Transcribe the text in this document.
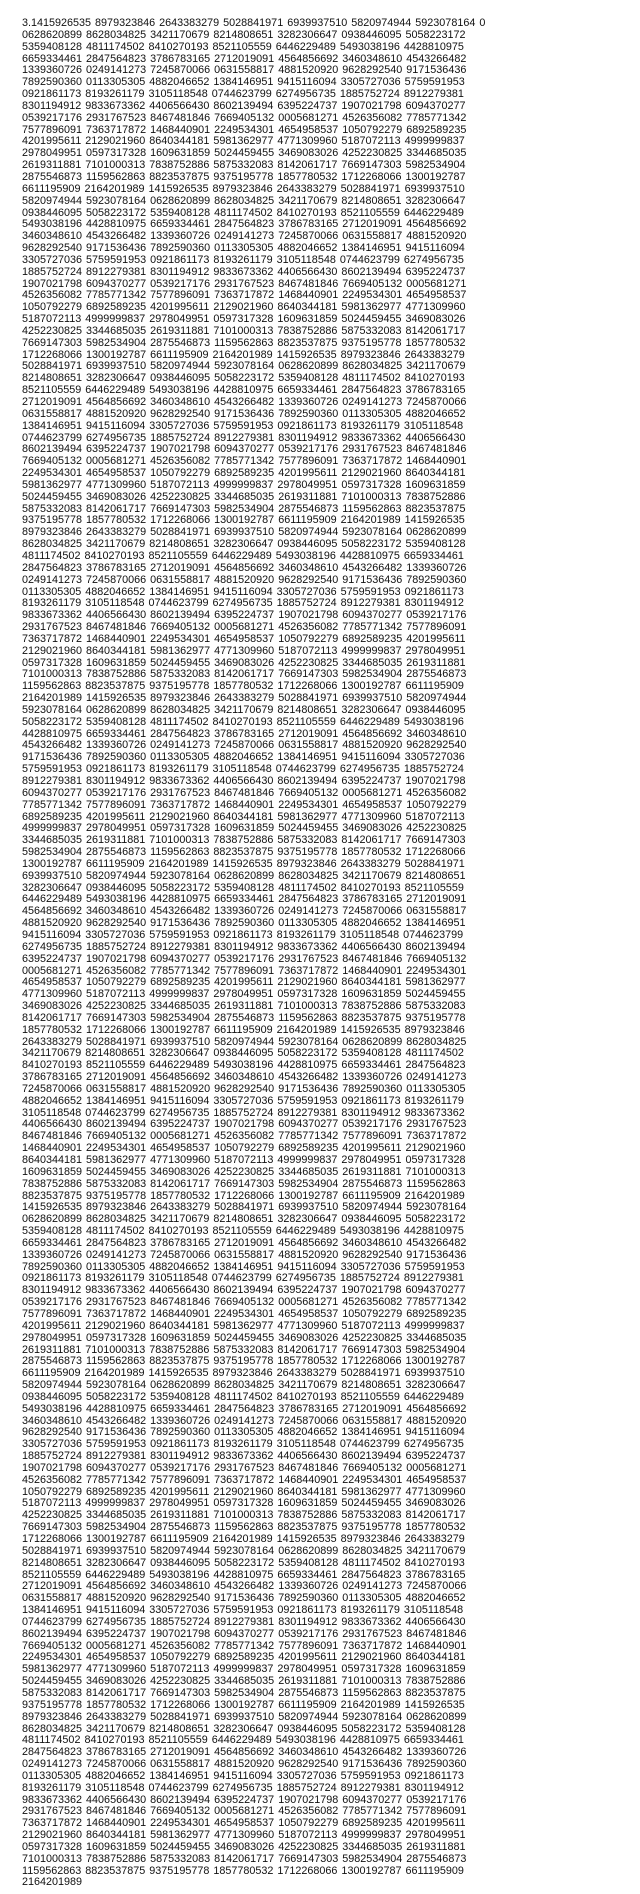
3.1415926535 8979323846 2643383279 5028841971 6939937510 5820974944 5923078164 0
0628620899 8628034825 3421170679 8214808651 3282306647 0938446095 5058223172
5359408128 4811174502 8410270193 8521105559 6446229489 5493038196 4428810975
6659334461 2847564823 3786783165 2712019091 4564856692 3460348610 4543266482
1339360726 0249141273 7245870066 0631558817 4881520920 9628292540 9171536436
7892590360 0113305305 4882046652 1384146951 9415116094 3305727036 5759591953
0921861173 8193261179 3105118548 0744623799 6274956735 1885752724 8912279381
8301194912 9833673362 4406566430 8602139494 6395224737 1907021798 6094370277
0539217176 2931767523 8467481846 7669405132 0005681271 4526356082 7785771342
7577896091 7363717872 1468440901 2249534301 4654958537 1050792279 6892589235
4201995611 2129021960 8640344181 5981362977 4771309960 5187072113 4999999837
2978049951 0597317328 1609631859 5024459455 3469083026 4252230825 3344685035
2619311881 7101000313 7838752886 5875332083 8142061717 7669147303 5982534904
2875546873 1159562863 8823537875 9375195778 1857780532 1712268066 1300192787
6611195909 2164201989 1415926535 8979323846 2643383279 5028841971 6939937510
5820974944 5923078164 0628620899 8628034825 3421170679 8214808651 3282306647
0938446095 5058223172 5359408128 4811174502 8410270193 8521105559 6446229489
5493038196 4428810975 6659334461 2847564823 3786783165 2712019091 4564856692
3460348610 4543266482 1339360726 0249141273 7245870066 0631558817 4881520920
9628292540 9171536436 7892590360 0113305305 4882046652 1384146951 9415116094
3305727036 5759591953 0921861173 8193261179 3105118548 0744623799 6274956735
1885752724 8912279381 8301194912 9833673362 4406566430 8602139494 6395224737
1907021798 6094370277 0539217176 2931767523 8467481846 7669405132 0005681271
4526356082 7785771342 7577896091 7363717872 1468440901 2249534301 4654958537
1050792279 6892589235 4201995611 2129021960 8640344181 5981362977 4771309960
5187072113 4999999837 2978049951 0597317328 1609631859 5024459455 3469083026
4252230825 3344685035 2619311881 7101000313 7838752886 5875332083 8142061717
7669147303 5982534904 2875546873 1159562863 8823537875 9375195778 1857780532
1712268066 1300192787 6611195909 2164201989 1415926535 8979323846 2643383279
5028841971 6939937510 5820974944 5923078164 0628620899 8628034825 3421170679
8214808651 3282306647 0938446095 5058223172 5359408128 4811174502 8410270193
8521105559 6446229489 5493038196 4428810975 6659334461 2847564823 3786783165
2712019091 4564856692 3460348610 4543266482 1339360726 0249141273 7245870066
0631558817 4881520920 9628292540 9171536436 7892590360 0113305305 4882046652
1384146951 9415116094 3305727036 5759591953 0921861173 8193261179 3105118548
0744623799 6274956735 1885752724 8912279381 8301194912 9833673362 4406566430
8602139494 6395224737 1907021798 6094370277 0539217176 2931767523 8467481846
7669405132 0005681271 4526356082 7785771342 7577896091 7363717872 1468440901
2249534301 4654958537 1050792279 6892589235 4201995611 2129021960 8640344181
5981362977 4771309960 5187072113 4999999837 2978049951 0597317328 1609631859
5024459455 3469083026 4252230825 3344685035 2619311881 7101000313 7838752886
5875332083 8142061717 7669147303 5982534904 2875546873 1159562863 8823537875
9375195778 1857780532 1712268066 1300192787 6611195909 2164201989 1415926535
8979323846 2643383279 5028841971 6939937510 5820974944 5923078164 0628620899
8628034825 3421170679 8214808651 3282306647 0938446095 5058223172 5359408128
4811174502 8410270193 8521105559 6446229489 5493038196 4428810975 6659334461
2847564823 3786783165 2712019091 4564856692 3460348610 4543266482 1339360726
0249141273 7245870066 0631558817 4881520920 9628292540 9171536436 7892590360
0113305305 4882046652 1384146951 9415116094 3305727036 5759591953 0921861173
8193261179 3105118548 0744623799 6274956735 1885752724 8912279381 8301194912
9833673362 4406566430 8602139494 6395224737 1907021798 6094370277 0539217176
2931767523 8467481846 7669405132 0005681271 4526356082 7785771342 7577896091
7363717872 1468440901 2249534301 4654958537 1050792279 6892589235 4201995611
2129021960 8640344181 5981362977 4771309960 5187072113 4999999837 2978049951
0597317328 1609631859 5024459455 3469083026 4252230825 3344685035 2619311881
7101000313 7838752886 5875332083 8142061717 7669147303 5982534904 2875546873
1159562863 8823537875 9375195778 1857780532 1712268066 1300192787 6611195909
2164201989 1415926535 8979323846 2643383279 5028841971 6939937510 5820974944
5923078164 0628620899 8628034825 3421170679 8214808651 3282306647 0938446095
5058223172 5359408128 4811174502 8410270193 8521105559 6446229489 5493038196
4428810975 6659334461 2847564823 3786783165 2712019091 4564856692 3460348610
4543266482 1339360726 0249141273 7245870066 0631558817 4881520920 9628292540
9171536436 7892590360 0113305305 4882046652 1384146951 9415116094 3305727036
5759591953 0921861173 8193261179 3105118548 0744623799 6274956735 1885752724
8912279381 8301194912 9833673362 4406566430 8602139494 6395224737 1907021798
6094370277 0539217176 2931767523 8467481846 7669405132 0005681271 4526356082
7785771342 7577896091 7363717872 1468440901 2249534301 4654958537 1050792279
6892589235 4201995611 2129021960 8640344181 5981362977 4771309960 5187072113
4999999837 2978049951 0597317328 1609631859 5024459455 3469083026 4252230825
3344685035 2619311881 7101000313 7838752886 5875332083 8142061717 7669147303
5982534904 2875546873 1159562863 8823537875 9375195778 1857780532 1712268066
1300192787 6611195909 2164201989 1415926535 8979323846 2643383279 5028841971
6939937510 5820974944 5923078164 0628620899 8628034825 3421170679 8214808651
3282306647 0938446095 5058223172 5359408128 4811174502 8410270193 8521105559
6446229489 5493038196 4428810975 6659334461 2847564823 3786783165 2712019091
4564856692 3460348610 4543266482 1339360726 0249141273 7245870066 0631558817
4881520920 9628292540 9171536436 7892590360 0113305305 4882046652 1384146951
9415116094 3305727036 5759591953 0921861173 8193261179 3105118548 0744623799
6274956735 1885752724 8912279381 8301194912 9833673362 4406566430 8602139494
6395224737 1907021798 6094370277 0539217176 2931767523 8467481846 7669405132
0005681271 4526356082 7785771342 7577896091 7363717872 1468440901 2249534301
4654958537 1050792279 6892589235 4201995611 2129021960 8640344181 5981362977
4771309960 5187072113 4999999837 2978049951 0597317328 1609631859 5024459455
3469083026 4252230825 3344685035 2619311881 7101000313 7838752886 5875332083
8142061717 7669147303 5982534904 2875546873 1159562863 8823537875 9375195778
1857780532 1712268066 1300192787 6611195909 2164201989 1415926535 8979323846
2643383279 5028841971 6939937510 5820974944 5923078164 0628620899 8628034825
3421170679 8214808651 3282306647 0938446095 5058223172 5359408128 4811174502
8410270193 8521105559 6446229489 5493038196 4428810975 6659334461 2847564823
3786783165 2712019091 4564856692 3460348610 4543266482 1339360726 0249141273
7245870066 0631558817 4881520920 9628292540 9171536436 7892590360 0113305305
4882046652 1384146951 9415116094 3305727036 5759591953 0921861173 8193261179
3105118548 0744623799 6274956735 1885752724 8912279381 8301194912 9833673362
4406566430 8602139494 6395224737 1907021798 6094370277 0539217176 2931767523
8467481846 7669405132 0005681271 4526356082 7785771342 7577896091 7363717872
1468440901 2249534301 4654958537 1050792279 6892589235 4201995611 2129021960
8640344181 5981362977 4771309960 5187072113 4999999837 2978049951 0597317328
1609631859 5024459455 3469083026 4252230825 3344685035 2619311881 7101000313
7838752886 5875332083 8142061717 7669147303 5982534904 2875546873 1159562863
8823537875 9375195778 1857780532 1712268066 1300192787 6611195909 2164201989
1415926535 8979323846 2643383279 5028841971 6939937510 5820974944 5923078164
0628620899 8628034825 3421170679 8214808651 3282306647 0938446095 5058223172
5359408128 4811174502 8410270193 8521105559 6446229489 5493038196 4428810975
6659334461 2847564823 3786783165 2712019091 4564856692 3460348610 4543266482
1339360726 0249141273 7245870066 0631558817 4881520920 9628292540 9171536436
7892590360 0113305305 4882046652 1384146951 9415116094 3305727036 5759591953
0921861173 8193261179 3105118548 0744623799 6274956735 1885752724 8912279381
8301194912 9833673362 4406566430 8602139494 6395224737 1907021798 6094370277
0539217176 2931767523 8467481846 7669405132 0005681271 4526356082 7785771342
7577896091 7363717872 1468440901 2249534301 4654958537 1050792279 6892589235
4201995611 2129021960 8640344181 5981362977 4771309960 5187072113 4999999837
2978049951 0597317328 1609631859 5024459455 3469083026 4252230825 3344685035
2619311881 7101000313 7838752886 5875332083 8142061717 7669147303 5982534904
2875546873 1159562863 8823537875 9375195778 1857780532 1712268066 1300192787
6611195909 2164201989 1415926535 8979323846 2643383279 5028841971 6939937510
5820974944 5923078164 0628620899 8628034825 3421170679 8214808651 3282306647
0938446095 5058223172 5359408128 4811174502 8410270193 8521105559 6446229489
5493038196 4428810975 6659334461 2847564823 3786783165 2712019091 4564856692
3460348610 4543266482 1339360726 0249141273 7245870066 0631558817 4881520920
9628292540 9171536436 7892590360 0113305305 4882046652 1384146951 9415116094
3305727036 5759591953 0921861173 8193261179 3105118548 0744623799 6274956735
1885752724 8912279381 8301194912 9833673362 4406566430 8602139494 6395224737
1907021798 6094370277 0539217176 2931767523 8467481846 7669405132 0005681271
4526356082 7785771342 7577896091 7363717872 1468440901 2249534301 4654958537
1050792279 6892589235 4201995611 2129021960 8640344181 5981362977 4771309960
5187072113 4999999837 2978049951 0597317328 1609631859 5024459455 3469083026
4252230825 3344685035 2619311881 7101000313 7838752886 5875332083 8142061717
7669147303 5982534904 2875546873 1159562863 8823537875 9375195778 1857780532
1712268066 1300192787 6611195909 2164201989 1415926535 8979323846 2643383279
5028841971 6939937510 5820974944 5923078164 0628620899 8628034825 3421170679
8214808651 3282306647 0938446095 5058223172 5359408128 4811174502 8410270193
8521105559 6446229489 5493038196 4428810975 6659334461 2847564823 3786783165
2712019091 4564856692 3460348610 4543266482 1339360726 0249141273 7245870066
0631558817 4881520920 9628292540 9171536436 7892590360 0113305305 4882046652
1384146951 9415116094 3305727036 5759591953 0921861173 8193261179 3105118548
0744623799 6274956735 1885752724 8912279381 8301194912 9833673362 4406566430
8602139494 6395224737 1907021798 6094370277 0539217176 2931767523 8467481846
7669405132 0005681271 4526356082 7785771342 7577896091 7363717872 1468440901
2249534301 4654958537 1050792279 6892589235 4201995611 2129021960 8640344181
5981362977 4771309960 5187072113 4999999837 2978049951 0597317328 1609631859
5024459455 3469083026 4252230825 3344685035 2619311881 7101000313 7838752886
5875332083 8142061717 7669147303 5982534904 2875546873 1159562863 8823537875
9375195778 1857780532 1712268066 1300192787 6611195909 2164201989 1415926535
8979323846 2643383279 5028841971 6939937510 5820974944 5923078164 0628620899
8628034825 3421170679 8214808651 3282306647 0938446095 5058223172 5359408128
4811174502 8410270193 8521105559 6446229489 5493038196 4428810975 6659334461
2847564823 3786783165 2712019091 4564856692 3460348610 4543266482 1339360726
0249141273 7245870066 0631558817 4881520920 9628292540 9171536436 7892590360
0113305305 4882046652 1384146951 9415116094 3305727036 5759591953 0921861173
8193261179 3105118548 0744623799 6274956735 1885752724 8912279381 8301194912
9833673362 4406566430 8602139494 6395224737 1907021798 6094370277 0539217176
2931767523 8467481846 7669405132 0005681271 4526356082 7785771342 7577896091
7363717872 1468440901 2249534301 4654958537 1050792279 6892589235 4201995611
2129021960 8640344181 5981362977 4771309960 5187072113 4999999837 2978049951
0597317328 1609631859 5024459455 3469083026 4252230825 3344685035 2619311881
7101000313 7838752886 5875332083 8142061717 7669147303 5982534904 2875546873
1159562863 8823537875 9375195778 1857780532 1712268066 1300192787 6611195909
2164201989
